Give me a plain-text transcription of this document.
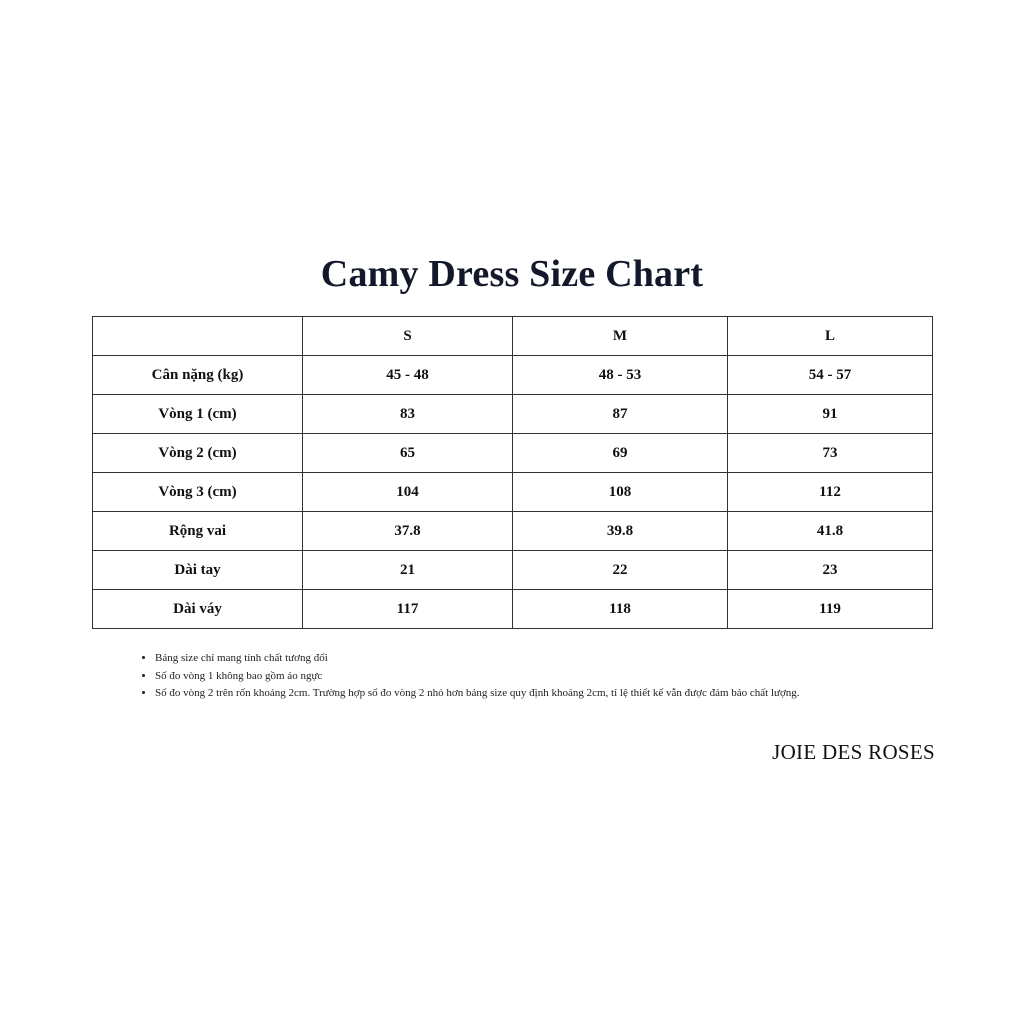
Camy Dress Size Chart
	S	M	L
Cân nặng (kg)	45 - 48	48 - 53	54 - 57
Vòng 1 (cm)	83	87	91
Vòng 2 (cm)	65	69	73
Vòng 3 (cm)	104	108	112
Rộng vai	37.8	39.8	41.8
Dài tay	21	22	23
Dài váy	117	118	119
• Bảng size chỉ mang tính chất tương đối
• Số đo vòng 1 không bao gồm áo ngực
• Số đo vòng 2 trên rốn khoảng 2cm. Trường hợp số đo vòng 2 nhỏ hơn bảng size quy định khoảng 2cm, tỉ lệ thiết kế vẫn được đảm bảo chất lượng.
JOIE DES ROSES
